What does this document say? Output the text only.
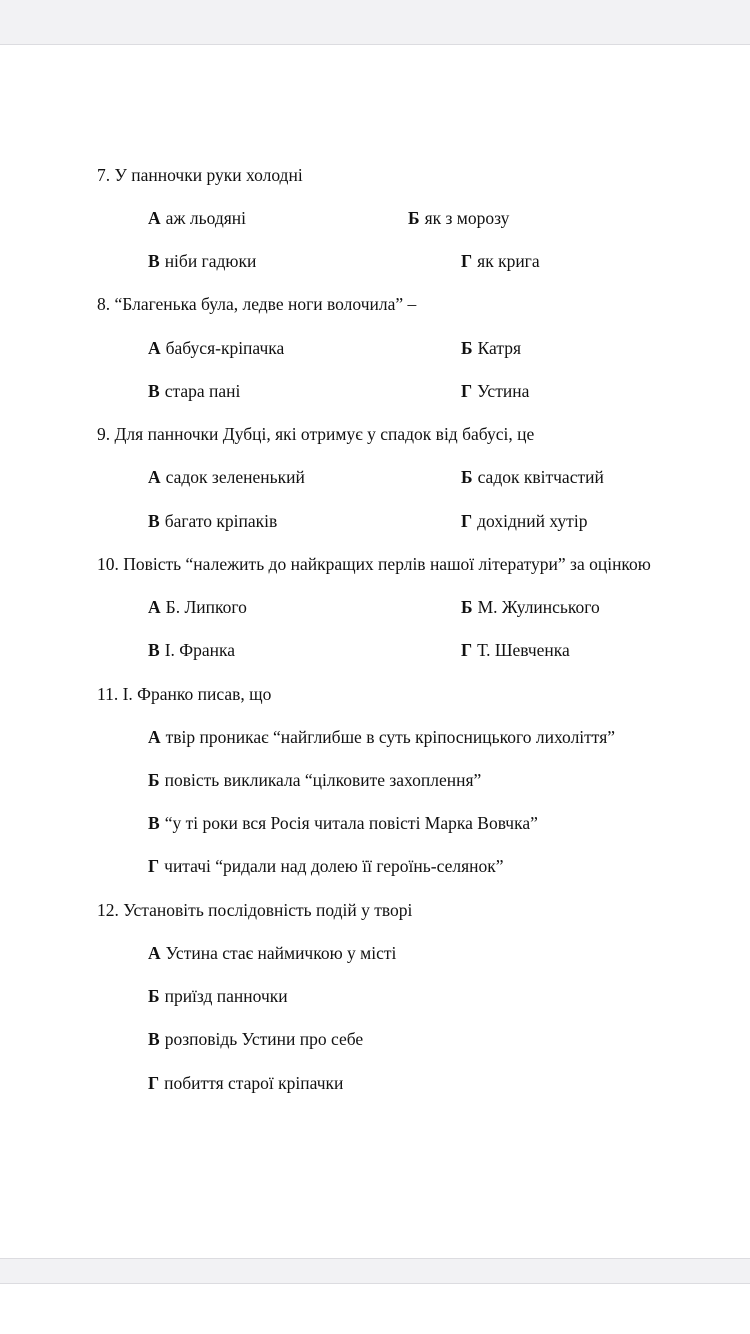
7. У панночки руки холодні
А аж льодяні	Б як з морозу
В ніби гадюки	Г як крига
8. “Благенька була, ледве ноги волочила” –
А бабуся-кріпачка	Б Катря
В стара пані	Г Устина
9. Для панночки Дубці, які отримує у спадок від бабусі, це
А садок зелененький	Б садок квітчастий
В багато кріпаків	Г дохідний хутір
10. Повість “належить до найкращих перлів нашої літератури” за оцінкою
А Б. Липкого	Б М. Жулинського
В І. Франка	Г Т. Шевченка
11. І. Франко писав, що
А твір проникає “найглибше в суть кріпосницького лихоліття”
Б повість викликала “цілковите захоплення”
В “у ті роки вся Росія читала повісті Марка Вовчка”
Г читачі “ридали над долею її героїнь-селянок”
12. Установіть послідовність подій у творі
А Устина стає наймичкою у місті
Б приїзд панночки
В розповідь Устини про себе
Г побиття старої кріпачки
